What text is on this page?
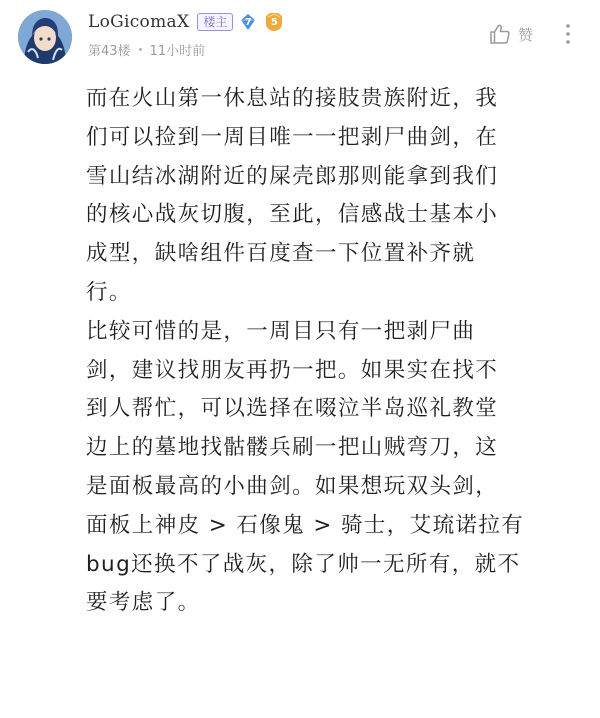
LoGicomaX	楼主	7	5
第43楼 11小时前
赞

而在火山第一休息站的接肢贵族附近，我
们可以捡到一周目唯一一把剥尸曲剑，在
雪山结冰湖附近的屎壳郎那则能拿到我们
的核心战灰切腹，至此，信感战士基本小
成型，缺啥组件百度查一下位置补齐就
行。

比较可惜的是，一周目只有一把剥尸曲
剑，建议找朋友再扔一把。如果实在找不
到人帮忙，可以选择在啜泣半岛巡礼教堂
边上的墓地找骷髅兵刷一把山贼弯刀，这
是面板最高的小曲剑。如果想玩双头剑，
面板上神皮 > 石像鬼 > 骑士，艾琉诺拉有
bug还换不了战灰，除了帅一无所有，就不
要考虑了。
